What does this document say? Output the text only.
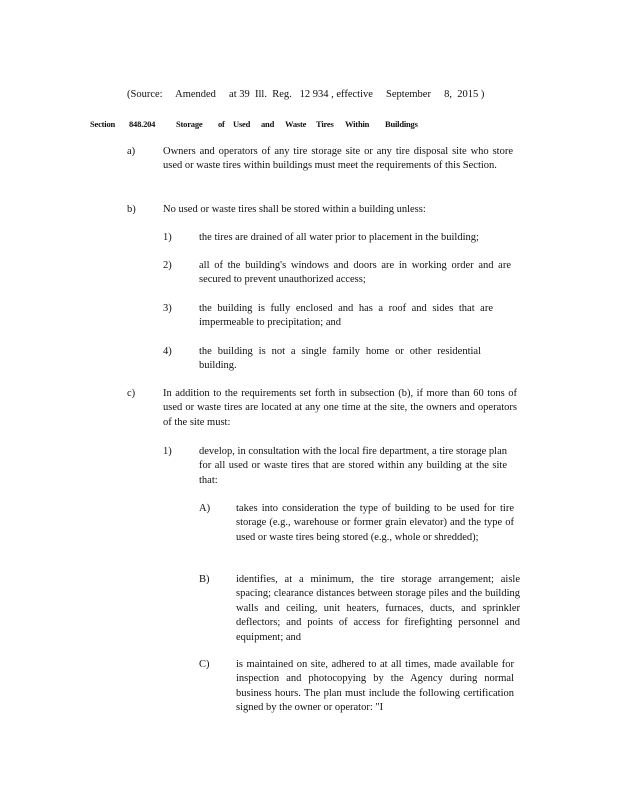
(Source:     Amended     at 39  Ill.  Reg.   12 934 , effective     September     8,  2015 )
Section 848.204 Storage of Used and Waste Tires Within Buildings
a)	Owners and operators of any tire storage site or any tire disposal site who store used or waste tires within buildings must meet the requirements of this Section.
b)	No used or waste tires shall be stored within a building unless:
1)	the tires are drained of all water prior to placement in the building;
2)	all of the building's windows and doors are in working order and are secured to prevent unauthorized access;
3)	the building is fully enclosed and has a roof and sides that are impermeable to precipitation; and
4)	the building is not a single family home or other residential building.
c)	In addition to the requirements set forth in subsection (b), if more than 60 tons of used or waste tires are located at any one time at the site, the owners and operators of the site must:
1)	develop, in consultation with the local fire department, a tire storage plan for all used or waste tires that are stored within any building at the site that:
A) takes into consideration the type of building to be used for tire storage (e.g., warehouse or former grain elevator) and the type of used or waste tires being stored (e.g., whole or shredded);
B)	identifies, at a minimum, the tire storage arrangement; aisle spacing; clearance distances between storage piles and the building walls and ceiling, unit heaters, furnaces, ducts, and sprinkler deflectors; and points of access for firefighting personnel and equipment; and
C)	is maintained on site, adhered to at all times, made available for inspection and photocopying by the Agency during normal business hours. The plan must include the following certification signed by the owner or operator: "I
